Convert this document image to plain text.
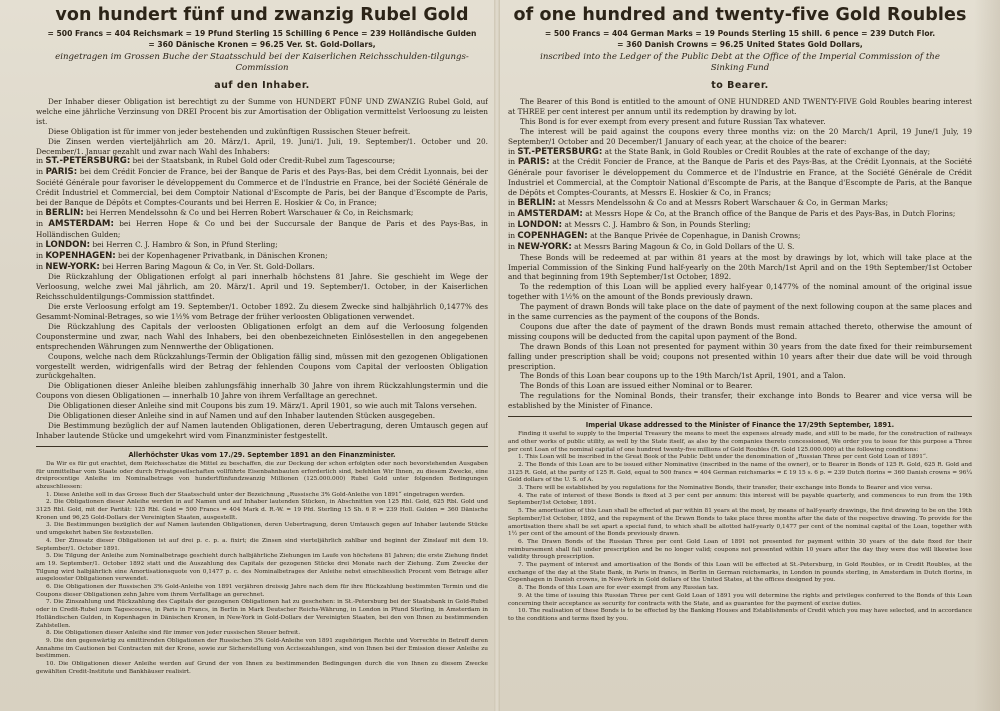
von hundert fünf und zwanzig Rubel Gold
= 500 Francs = 404 Reichsmark = 19 Pfund Sterling 15 Schilling 6 Pence = 239 Holländische Gulden
= 360 Dänische Kronen = 96.25 Ver. St. Gold-Dollars,
eingetragen im Grossen Buche der Staatsschuld bei der Kaiserlichen Reichsschulden-tilgungs-Commission
auf den Inhaber.

Der Inhaber dieser Obligation ist berechtigt zu der Summe von HUNDERT FÜNF UND ZWANZIG Rubel Gold, auf welche eine jährliche Verzinsung von DREI Procent bis zur Amortisation der Obligation vermittelst Verloosung zu leisten ist.

Diese Obligation ist für immer von jeder bestehenden und zukünftigen Russischen Steuer befreit.

Die Zinsen werden vierteljährlich am 20. März/1. April, 19. Juni/1. Juli, 19. September/1. October und 20. December/1. Januar gezahlt und zwar nach Wahl des Inhabers:

in ST.-PETERSBURG: bei der Staatsbank, in Rubel Gold oder Credit-Rubel zum Tagescourse;

in PARIS: bei dem Crédit Foncier de France, bei der Banque de Paris et des Pays-Bas, bei dem Crédit Lyonnais, bei der Société Générale pour favoriser le développement du Commerce et de l'Industrie en France, bei der Société Générale de Crédit Industriel et Commercial, bei dem Comptoir National d'Escompte de Paris, bei der Banque d'Escompte de Paris, bei der Banque de Dépôts et Comptes-Courants und bei Herren E. Hoskier & Co, in France;

in BERLIN: bei Herren Mendelssohn & Co und bei Herren Robert Warschauer & Co, in Reichsmark;

in AMSTERDAM: bei Herren Hope & Co und bei der Succursale der Banque de Paris et des Pays-Bas, in Holländischen Gulden;

in LONDON: bei Herren C. J. Hambro & Son, in Pfund Sterling;

in KOPENHAGEN: bei der Kopenhagener Privatbank, in Dänischen Kronen;

in NEW-YORK: bei Herren Baring Magoun & Co, in Ver. St. Gold-Dollars.

Die Rückzahlung der Obligationen erfolgt al pari innerhalb höchstens 81 Jahre. Sie geschieht im Wege der Verloosung, welche zwei Mal jährlich, am 20. März/1. April und 19. September/1. October, in der Kaiserlichen Reichsschuldentilgungs-Commission stattfindet.

Die erste Verloosung erfolgt am 19. September/1. October 1892. Zu diesem Zwecke sind halbjährlich 0,1477% des Gesammt-Nominal-Betrages, so wie 1½% vom Betrage der früher verloosten Obligationen verwendet.

Die Rückzahlung des Capitals der verloosten Obligationen erfolgt an dem auf die Verloosung folgenden Couponstermine und zwar, nach Wahl des Inhabers, bei den obenbezeichneten Einlösestellen in den angegebenen entsprechenden Währungen zum Nennwerthe der Obligationen.

Coupons, welche nach dem Rückzahlungs-Termin der Obligation fällig sind, müssen mit den gezogenen Obligationen vorgestellt werden, widrigenfalls wird der Betrag der fehlenden Coupons vom Capital der verloosten Obligation zurückgehalten.

Die Obligationen dieser Anleihe bleiben zahlungsfähig innerhalb 30 Jahre von ihrem Rückzahlungstermin und die Coupons von diesen Obligationen — innerhalb 10 Jahre von ihrem Verfalltage an gerechnet.

Die Obligationen dieser Anleihe sind mit Coupons bis zum 19. März/1. April 1901, so wie auch mit Talons versehen.

Die Obligationen dieser Anleihe sind in auf Namen und auf den Inhaber lautenden Stücken ausgegeben.

Die Bestimmung bezüglich der auf Namen lautenden Obligationen, deren Uebertragung, deren Umtausch gegen auf Inhaber lautende Stücke und umgekehrt wird vom Finanzminister festgestellt.

Allerhöchster Ukas vom 17./29. September 1891 an den Finanzminister.

Da Wir es für gut erachtet, dem Reichsschatze die Mittel zu beschaffen, die zur Deckung der schon erfolgten oder noch bevorstehenden Ausgaben für unmittelbar vom Staate oder durch Privatgesellschaften vollführte Eisenbahnbauten erforderlich sind, befehlen Wir Ihnen, zu diesem Zwecke, eine dreiprocentige Anleihe im Nominalbetrage von hundertfünfundzwanzig Millionen (125.000.000) Rubel Gold unter folgenden Bedingungen abzuschliessen:

1. Diese Anleihe soll in das Grosse Buch der Staatsschuld unter der Bezeichnung „Russische 3% Gold-Anleihe von 1891“ eingetragen werden.

2. Die Obligationen dieser Anleihe werden in auf Namen und auf Inhaber lautenden Stücken, in Abschnitten von 125 Rbl. Gold, 625 Rbl. Gold und 3125 Rbl. Gold, mit der Parität: 125 Rbl. Gold = 500 Francs = 404 Mark d. R.-W. = 19 Pfd. Sterling 15 Sh. 6 P. = 239 Holl. Gulden = 360 Dänische Kronen und 96,25 Gold-Dollars der Vereinigten Staaten, ausgestellt.

3. Die Bestimmungen bezüglich der auf Namen lautenden Obligationen, deren Uebertragung, deren Umtausch gegen auf Inhaber lautende Stücke und umgekehrt haben Sie festzustellen.

4. Der Zinssatz dieser Obligationen ist auf drei p. c. p. a. fixirt; die Zinsen sind vierteljährlich zahlbar und beginnt der Zinslauf mit dem 19. September/1. October 1891.

5. Die Tilgung der Anleihe zum Nominalbetrage geschieht durch halbjährliche Ziehungen im Laufe von höchstens 81 Jahren; die erste Ziehung findet am 19. September/1. October 1892 statt und die Auszahlung des Capitals der gezogenen Stücke drei Monate nach der Ziehung. Zum Zwecke der Tilgung wird halbjährlich eine Amortisationsquote von 0,1477 p. c. des Nominalbetrages der Anleihe nebst einschliesslich Procent vom Betrage aller ausgelooster Obligationen verwendet.

6. Die Obligationen der Russischen 3% Gold-Anleihe von 1891 verjähren dreissig Jahre nach dem für ihre Rückzahlung bestimmten Termin und die Coupons dieser Obligationen zehn Jahre vom ihrem Verfalltage an gerechnet.

7. Die Zinszahlung und Rückzahlung des Capitals der gezogenen Obligationen hat zu geschehen: in St.-Petersburg bei der Staatsbank in Gold-Rubel oder in Credit-Rubel zum Tagescourse, in Paris in Francs, in Berlin in Mark Deutscher Reichs-Währung, in London in Pfund Sterling, in Amsterdam in Holländischen Gulden, in Kopenhagen in Dänischen Kronen, in New-York in Gold-Dollars der Vereinigten Staaten, bei den von Ihnen zu bestimmenden Zahlstellen.

8. Die Obligationen dieser Anleihe sind für immer von jeder russischen Steuer befreit.

9. Die den gegenwärtig zu emittirenden Obligationen der Russischen 3% Gold-Anleihe von 1891 zugehörigen Rechte und Vorrechte in Betreff deren Annahme im Cautionen bei Contracten mit der Krone, sowie zur Sicherstellung von Accisezahlungen, sind von Ihnen bei der Emission dieser Anleihe zu bestimmen.

10. Die Obligationen dieser Anleihe werden auf Grund der von Ihnen zu bestimmenden Bedingungen durch die von Ihnen zu diesem Zwecke gewählten Credit-Institute und Bankhäuser realisirt.

of one hundred and twenty-five Gold Roubles
= 500 Francs = 404 German Marks = 19 Pounds Sterling 15 shill. 6 pence = 239 Dutch Flor.
= 360 Danish Crowns = 96.25 United States Gold Dollars,
inscribed into the Ledger of the Public Debt at the Office of the Imperial Commission of the Sinking Fund
to Bearer.

The Bearer of this Bond is entitled to the amount of ONE HUNDRED AND TWENTY-FIVE Gold Roubles bearing interest at THREE per cent interest per annum until its redemption by drawing by lot.

This Bond is for ever exempt from every present and future Russian Tax whatever.

The interest will be paid against the coupons every three months viz: on the 20 March/1 April, 19 June/1 July, 19 September/1 October and 20 December/1 January of each year, at the choice of the bearer:

in ST.-PETERSBURG: at the State Bank, in Gold Roubles or Credit Roubles at the rate of exchange of the day;

in PARIS: at the Crédit Foncier de France, at the Banque de Paris et des Pays-Bas, at the Crédit Lyonnais, at the Société Générale pour favoriser le développement du Commerce et de l'Industrie en France, at the Société Générale de Crédit Industriel et Commercial, at the Comptoir National d'Escompte de Paris, at the Banque d'Escompte de Paris, at the Banque de Dépôts et Comptes-Courants, at Messrs E. Hoskier & Co, in Francs;

in BERLIN: at Messrs Mendelssohn & Co and at Messrs Robert Warschauer & Co, in German Marks;

in AMSTERDAM: at Messrs Hope & Co, at the Branch office of the Banque de Paris et des Pays-Bas, in Dutch Florins;

in LONDON: at Messrs C. J. Hambro & Son, in Pounds Sterling;

in COPENHAGEN: at the Banque Privée de Copenhague, in Danish Crowns;

in NEW-YORK: at Messrs Baring Magoun & Co, in Gold Dollars of the U. S.

These Bonds will be redeemed at par within 81 years at the most by drawings by lot, which will take place at the Imperial Commission of the Sinking Fund half-yearly on the 20th March/1st April and on the 19th September/1st October and that beginning from 19th September/1st October, 1892.

To the redemption of this Loan will be applied every half-year 0,1477% of the nominal amount of the original issue together with 1½% on the amount of the Bonds previously drawn.

The payment of drawn Bonds will take place on the date of payment of the next following coupon at the same places and in the same currencies as the payment of the coupons of the Bonds.

Coupons due after the date of payment of the drawn Bonds must remain attached thereto, otherwise the amount of missing coupons will be deducted from the capital upon payment of the Bond.

The drawn Bonds of this Loan not presented for payment within 30 years from the date fixed for their reimbursement falling under prescription shall be void; coupons not presented within 10 years after their due date will be void through prescription.

The Bonds of this Loan bear coupons up to the 19th March/1st April, 1901, and a Talon.

The Bonds of this Loan are issued either Nominal or to Bearer.

The regulations for the Nominal Bonds, their transfer, their exchange into Bonds to Bearer and vice versa will be established by the Minister of Finance.

Imperial Ukase addressed to the Minister of Finance the 17/29th September, 1891.

Finding it useful to supply to the Imperial Treasury the means to meet the expenses already made, and still to be made, for the construction of railways and other works of public utility, as well by the State itself, as also by the companies thereto concessioned, We order you to issue for this purpose a Three per cent Loan of the nominal capital of one hundred twenty-five millions of Gold Roubles (R. Gold 125.000.000) at the following conditions:

1. This Loan will be inscribed in the Great Book of the Public Debt under the denomination of „Russian Three per cent Gold Loan of 1891“.

2. The Bonds of this Loan are to be issued either Nominative (inscribed in the name of the owner), or to Bearer in Bonds of 125 R. Gold, 625 R. Gold and 3125 R. Gold, at the parity of 125 R. Gold, equal to 500 francs = 404 German reichsmarks = £ 19 15 s. 6 p. = 239 Dutch florins = 360 Danish crowns = 96¼ Gold dollars of the U. S. of A.

3. There will be established by you regulations for the Nominative Bonds, their transfer, their exchange into Bonds to Bearer and vice versa.

4. The rate of interest of these Bonds is fixed at 3 per cent per annum: this interest will be payable quarterly, and commences to run from the 19th September/1st October, 1891.

5. The amortisation of this Loan shall be effected at par within 81 years at the most, by means of half-yearly drawings, the first drawing to be on the 19th September/1st October, 1892, and the repayment of the Drawn Bonds to take place three months after the date of the respective drawing. To provide for the amortisation there shall be set apart a special fund, to which shall be allotted half-yearly 0,1477 per cent of the nominal capital of the Loan, together with 1½ per cent of the amount of the Bonds previously drawn.

6. The Drawn Bonds of the Russian Three per cent Gold Loan of 1891 not presented for payment within 30 years of the date fixed for their reimbursement shall fall under prescription and be no longer valid; coupons not presented within 10 years after the day they were due will likewise lose validity through prescription.

7. The payment of interest and amortisation of the Bonds of this Loan will be effected at St.-Petersburg, in Gold Roubles, or in Credit Roubles, at the exchange of the day at the State Bank, in Paris in francs, in Berlin in German reichsmarks, in London in pounds sterling, in Amsterdam in Dutch florins, in Copenhagen in Danish crowns, in New-York in Gold dollars of the United States, at the offices designed by you.

8. The Bonds of this Loan are for ever exempt from any Russian tax.

9. At the time of issuing this Russian Three per cent Gold Loan of 1891 you will determine the rights and privileges conferred to the Bonds of this Loan concerning their acceptance as security for contracts with the State, and as guarantee for the payment of excise duties.

10. The realisation of these Bonds is to be effected by the Banking Houses and Establishments of Credit which you may have selected, and in accordance to the conditions and terms fixed by you.
